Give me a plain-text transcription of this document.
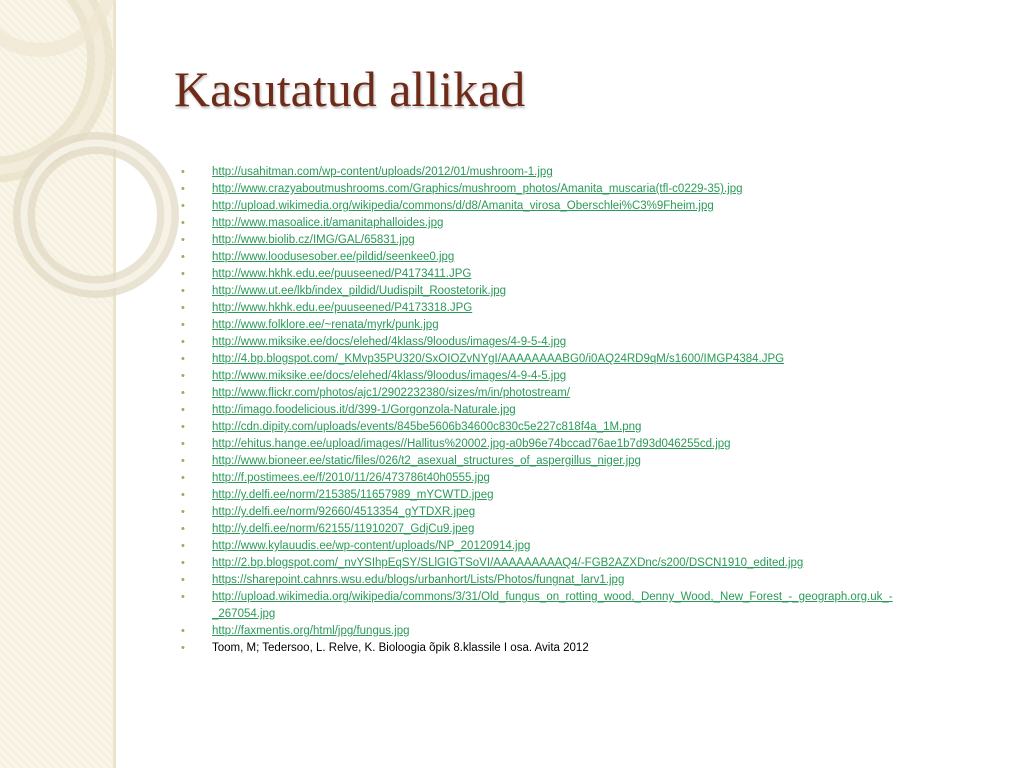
Kasutatud allikad
• http://usahitman.com/wp-content/uploads/2012/01/mushroom-1.jpg
• http://www.crazyaboutmushrooms.com/Graphics/mushroom_photos/Amanita_muscaria(tfl-c0229-35).jpg
• http://upload.wikimedia.org/wikipedia/commons/d/d8/Amanita_virosa_Oberschlei%C3%9Fheim.jpg
• http://www.masoalice.it/amanitaphalloides.jpg
• http://www.biolib.cz/IMG/GAL/65831.jpg
• http://www.loodusesober.ee/pildid/seenkee0.jpg
• http://www.hkhk.edu.ee/puuseened/P4173411.JPG
• http://www.ut.ee/lkb/index_pildid/Uudispilt_Roostetorik.jpg
• http://www.hkhk.edu.ee/puuseened/P4173318.JPG
• http://www.folklore.ee/~renata/myrk/punk.jpg
• http://www.miksike.ee/docs/elehed/4klass/9loodus/images/4-9-5-4.jpg
• http://4.bp.blogspot.com/_KMvp35PU320/SxOIOZvNYgI/AAAAAAAABG0/i0AQ24RD9qM/s1600/IMGP4384.JPG
• http://www.miksike.ee/docs/elehed/4klass/9loodus/images/4-9-4-5.jpg
• http://www.flickr.com/photos/ajc1/2902232380/sizes/m/in/photostream/
• http://imago.foodelicious.it/d/399-1/Gorgonzola-Naturale.jpg
• http://cdn.dipity.com/uploads/events/845be5606b34600c830c5e227c818f4a_1M.png
• http://ehitus.hange.ee/upload/images//Hallitus%20002.jpg-a0b96e74bccad76ae1b7d93d046255cd.jpg
• http://www.bioneer.ee/static/files/026/t2_asexual_structures_of_aspergillus_niger.jpg
• http://f.postimees.ee/f/2010/11/26/473786t40h0555.jpg
• http://y.delfi.ee/norm/215385/11657989_mYCWTD.jpeg
• http://y.delfi.ee/norm/92660/4513354_gYTDXR.jpeg
• http://y.delfi.ee/norm/62155/11910207_GdjCu9.jpeg
• http://www.kylauudis.ee/wp-content/uploads/NP_20120914.jpg
• http://2.bp.blogspot.com/_nvYSIhpEqSY/SLlGIGTSoVI/AAAAAAAAAQ4/-FGB2AZXDnc/s200/DSCN1910_edited.jpg
• https://sharepoint.cahnrs.wsu.edu/blogs/urbanhort/Lists/Photos/fungnat_larv1.jpg
• http://upload.wikimedia.org/wikipedia/commons/3/31/Old_fungus_on_rotting_wood,_Denny_Wood,_New_Forest_-_geograph.org.uk_-_267054.jpg
• http://faxmentis.org/html/jpg/fungus.jpg
• Toom, M; Tedersoo, L. Relve, K. Bioloogia õpik 8.klassile I osa. Avita 2012
